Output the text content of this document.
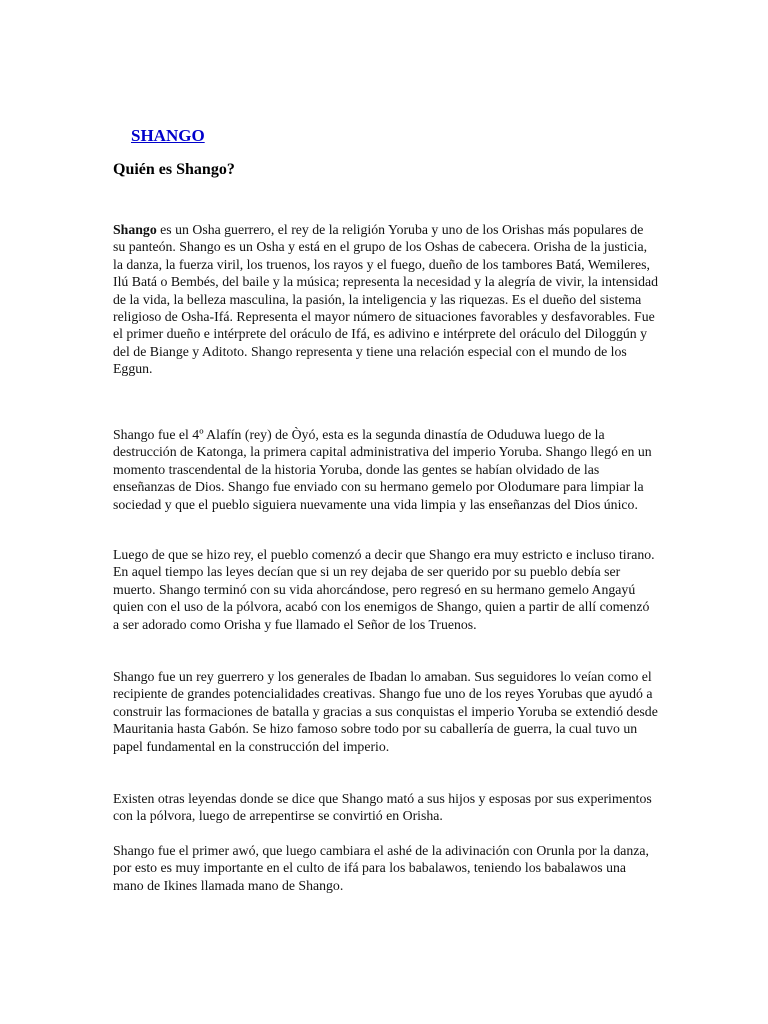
SHANGO
Quién es Shango?

Shango es un Osha guerrero, el rey de la religión Yoruba y uno de los Orishas más populares de su panteón. Shango es un Osha y está en el grupo de los Oshas de cabecera. Orisha de la justicia, la danza, la fuerza viril, los truenos, los rayos y el fuego, dueño de los tambores Batá, Wemileres, Ilú Batá o Bembés, del baile y la música; representa la necesidad y la alegría de vivir, la intensidad de la vida, la belleza masculina, la pasión, la inteligencia y las riquezas. Es el dueño del sistema religioso de Osha-Ifá. Representa el mayor número de situaciones favorables y desfavorables. Fue el primer dueño e intérprete del oráculo de Ifá, es adivino e intérprete del oráculo del Diloggún y del de Biange y Aditoto. Shango representa y tiene una relación especial con el mundo de los Eggun.

Shango fue el 4º Alafín (rey) de Òyó, esta es la segunda dinastía de Oduduwa luego de la destrucción de Katonga, la primera capital administrativa del imperio Yoruba. Shango llegó en un momento trascendental de la historia Yoruba, donde las gentes se habían olvidado de las enseñanzas de Dios. Shango fue enviado con su hermano gemelo por Olodumare para limpiar la sociedad y que el pueblo siguiera nuevamente una vida limpia y las enseñanzas del Dios único.

Luego de que se hizo rey, el pueblo comenzó a decir que Shango era muy estricto e incluso tirano. En aquel tiempo las leyes decían que si un rey dejaba de ser querido por su pueblo debía ser muerto. Shango terminó con su vida ahorcándose, pero regresó en su hermano gemelo Angayú quien con el uso de la pólvora, acabó con los enemigos de Shango, quien a partir de allí comenzó a ser adorado como Orisha y fue llamado el Señor de los Truenos.

Shango fue un rey guerrero y los generales de Ibadan lo amaban. Sus seguidores lo veían como el recipiente de grandes potencialidades creativas. Shango fue uno de los reyes Yorubas que ayudó a construir las formaciones de batalla y gracias a sus conquistas el imperio Yoruba se extendió desde Mauritania hasta Gabón. Se hizo famoso sobre todo por su caballería de guerra, la cual tuvo un papel fundamental en la construcción del imperio.

Existen otras leyendas donde se dice que Shango mató a sus hijos y esposas por sus experimentos con la pólvora, luego de arrepentirse se convirtió en Orisha.

Shango fue el primer awó, que luego cambiara el ashé de la adivinación con Orunla por la danza, por esto es muy importante en el culto de ifá para los babalawos, teniendo los babalawos una mano de Ikines llamada mano de Shango.
